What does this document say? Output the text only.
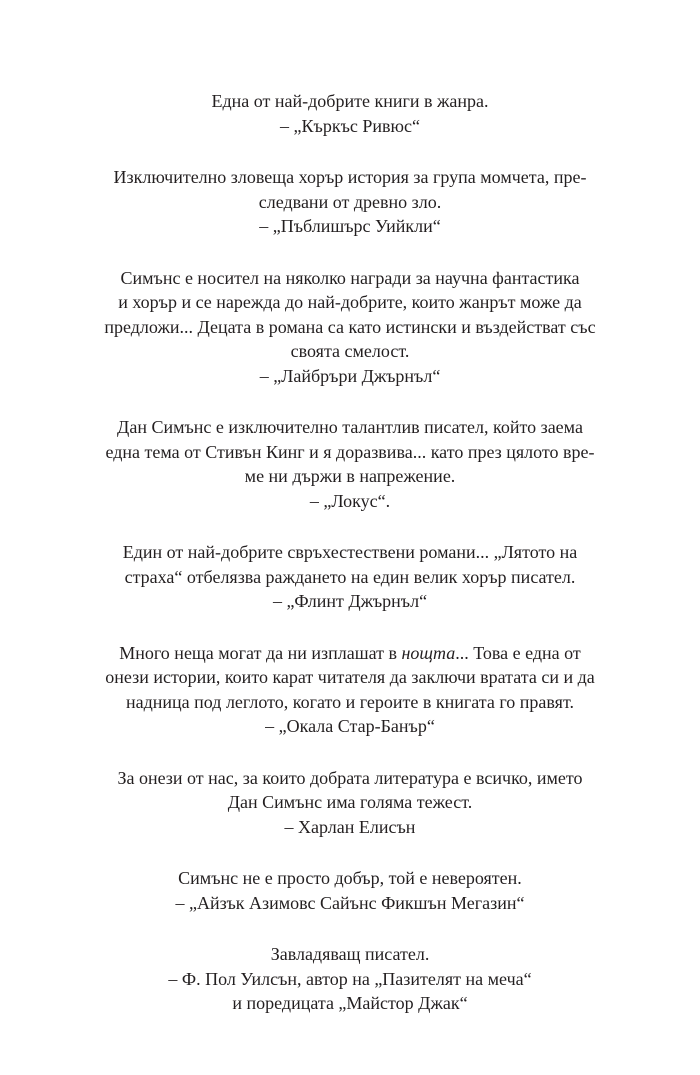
Една от най-добрите книги в жанра.

– „Къркъс Ривюс“

Изключително зловеща хорър история за група момчета, пре-
следвани от древно зло.

– „Пъблишърс Уийкли“

Симънс е носител на няколко награди за научна фантастика
и хорър и се нарежда до най-добрите, които жанрът може да
предложи... Децата в романа са като истински и въздействат със
своята смелост.

– „Лайбръри Джърнъл“

Дан Симънс е изключително талантлив писател, който заема
една тема от Стивън Кинг и я доразвива... като през цялото вре-
ме ни държи в напрежение.

– „Локус“.

Един от най-добрите свръхестествени романи... „Лятото на
страха“ отбелязва раждането на един велик хорър писател.

– „Флинт Джърнъл“

Много неща могат да ни изплашат в нощта... Това е една от
онези истории, които карат читателя да заключи вратата си и да
надница под леглото, когато и героите в книгата го правят.

– „Окала Стар-Банър“

За онези от нас, за които добрата литература е всичко, името
Дан Симънс има голяма тежест.

– Харлан Елисън

Симънс не е просто добър, той е невероятен.

– „Айзък Азимовс Сайънс Фикшън Мегазин“

Завладяващ писател.

– Ф. Пол Уилсън, автор на „Пазителят на меча“
и поредицата „Майстор Джак“
